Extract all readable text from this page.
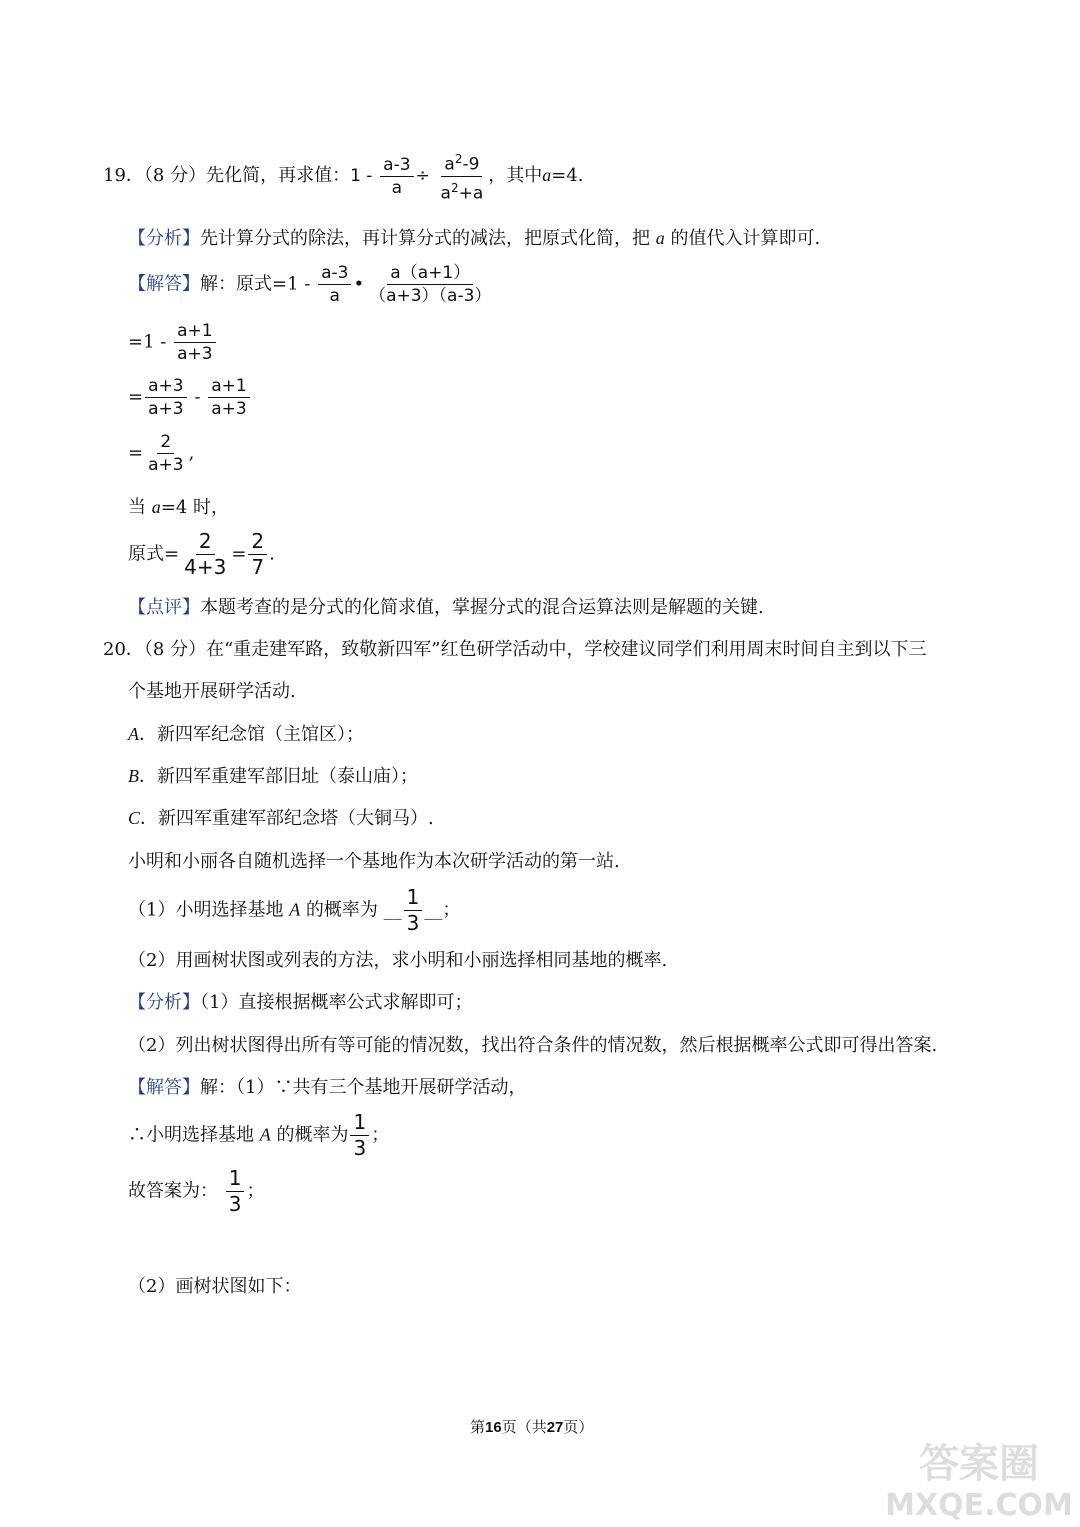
19．（8 分）先化简，再求值：$1 - \frac{a-3}{a} \div \frac{a^2-9}{a^2+a}$ ，其中a=4.
【分析】先计算分式的除法，再计算分式的减法，把原式化简，把 a 的值代入计算即可.
【解答】解：原式$=1 - \frac{a-3}{a}$ • $\frac{a(a+1)}{(a+3)(a-3)}$
$=1 - \frac{a+1}{a+3}$
= $\frac{a+3}{a+3} - \frac{a+1}{a+3}$
= $\frac{2}{a+3}$ ,
当 a=4 时，
原式= $\frac{2}{4+3} = \frac{2}{7}$ .
【点评】本题考查的是分式的化简求值，掌握分式的混合运算法则是解题的关键.
20．（8 分）在“重走建军路，致敬新四军”红色研学活动中，学校建议同学们利用周末时间自主到以下三
个基地开展研学活动.
A．新四军纪念馆（主馆区）；
B．新四军重建军部旧址（泰山庙）；
C．新四军重建军部纪念塔（大铜马）.
小明和小丽各自随机选择一个基地作为本次研学活动的第一站.
（1）小明选择基地 A 的概率为 __ $\frac{1}{3}$ __；
（2）用画树状图或列表的方法，求小明和小丽选择相同基地的概率.
【分析】（1）直接根据概率公式求解即可；
（2）列出树状图得出所有等可能的情况数，找出符合条件的情况数，然后根据概率公式即可得出答案.
【解答】解：（1）∵共有三个基地开展研学活动，
∴小明选择基地 A 的概率为 $\frac{1}{3}$ ；
故答案为： $\frac{1}{3}$ ；
（2）画树状图如下：
第16页（共27页）
答案圈
MXQE.COM
